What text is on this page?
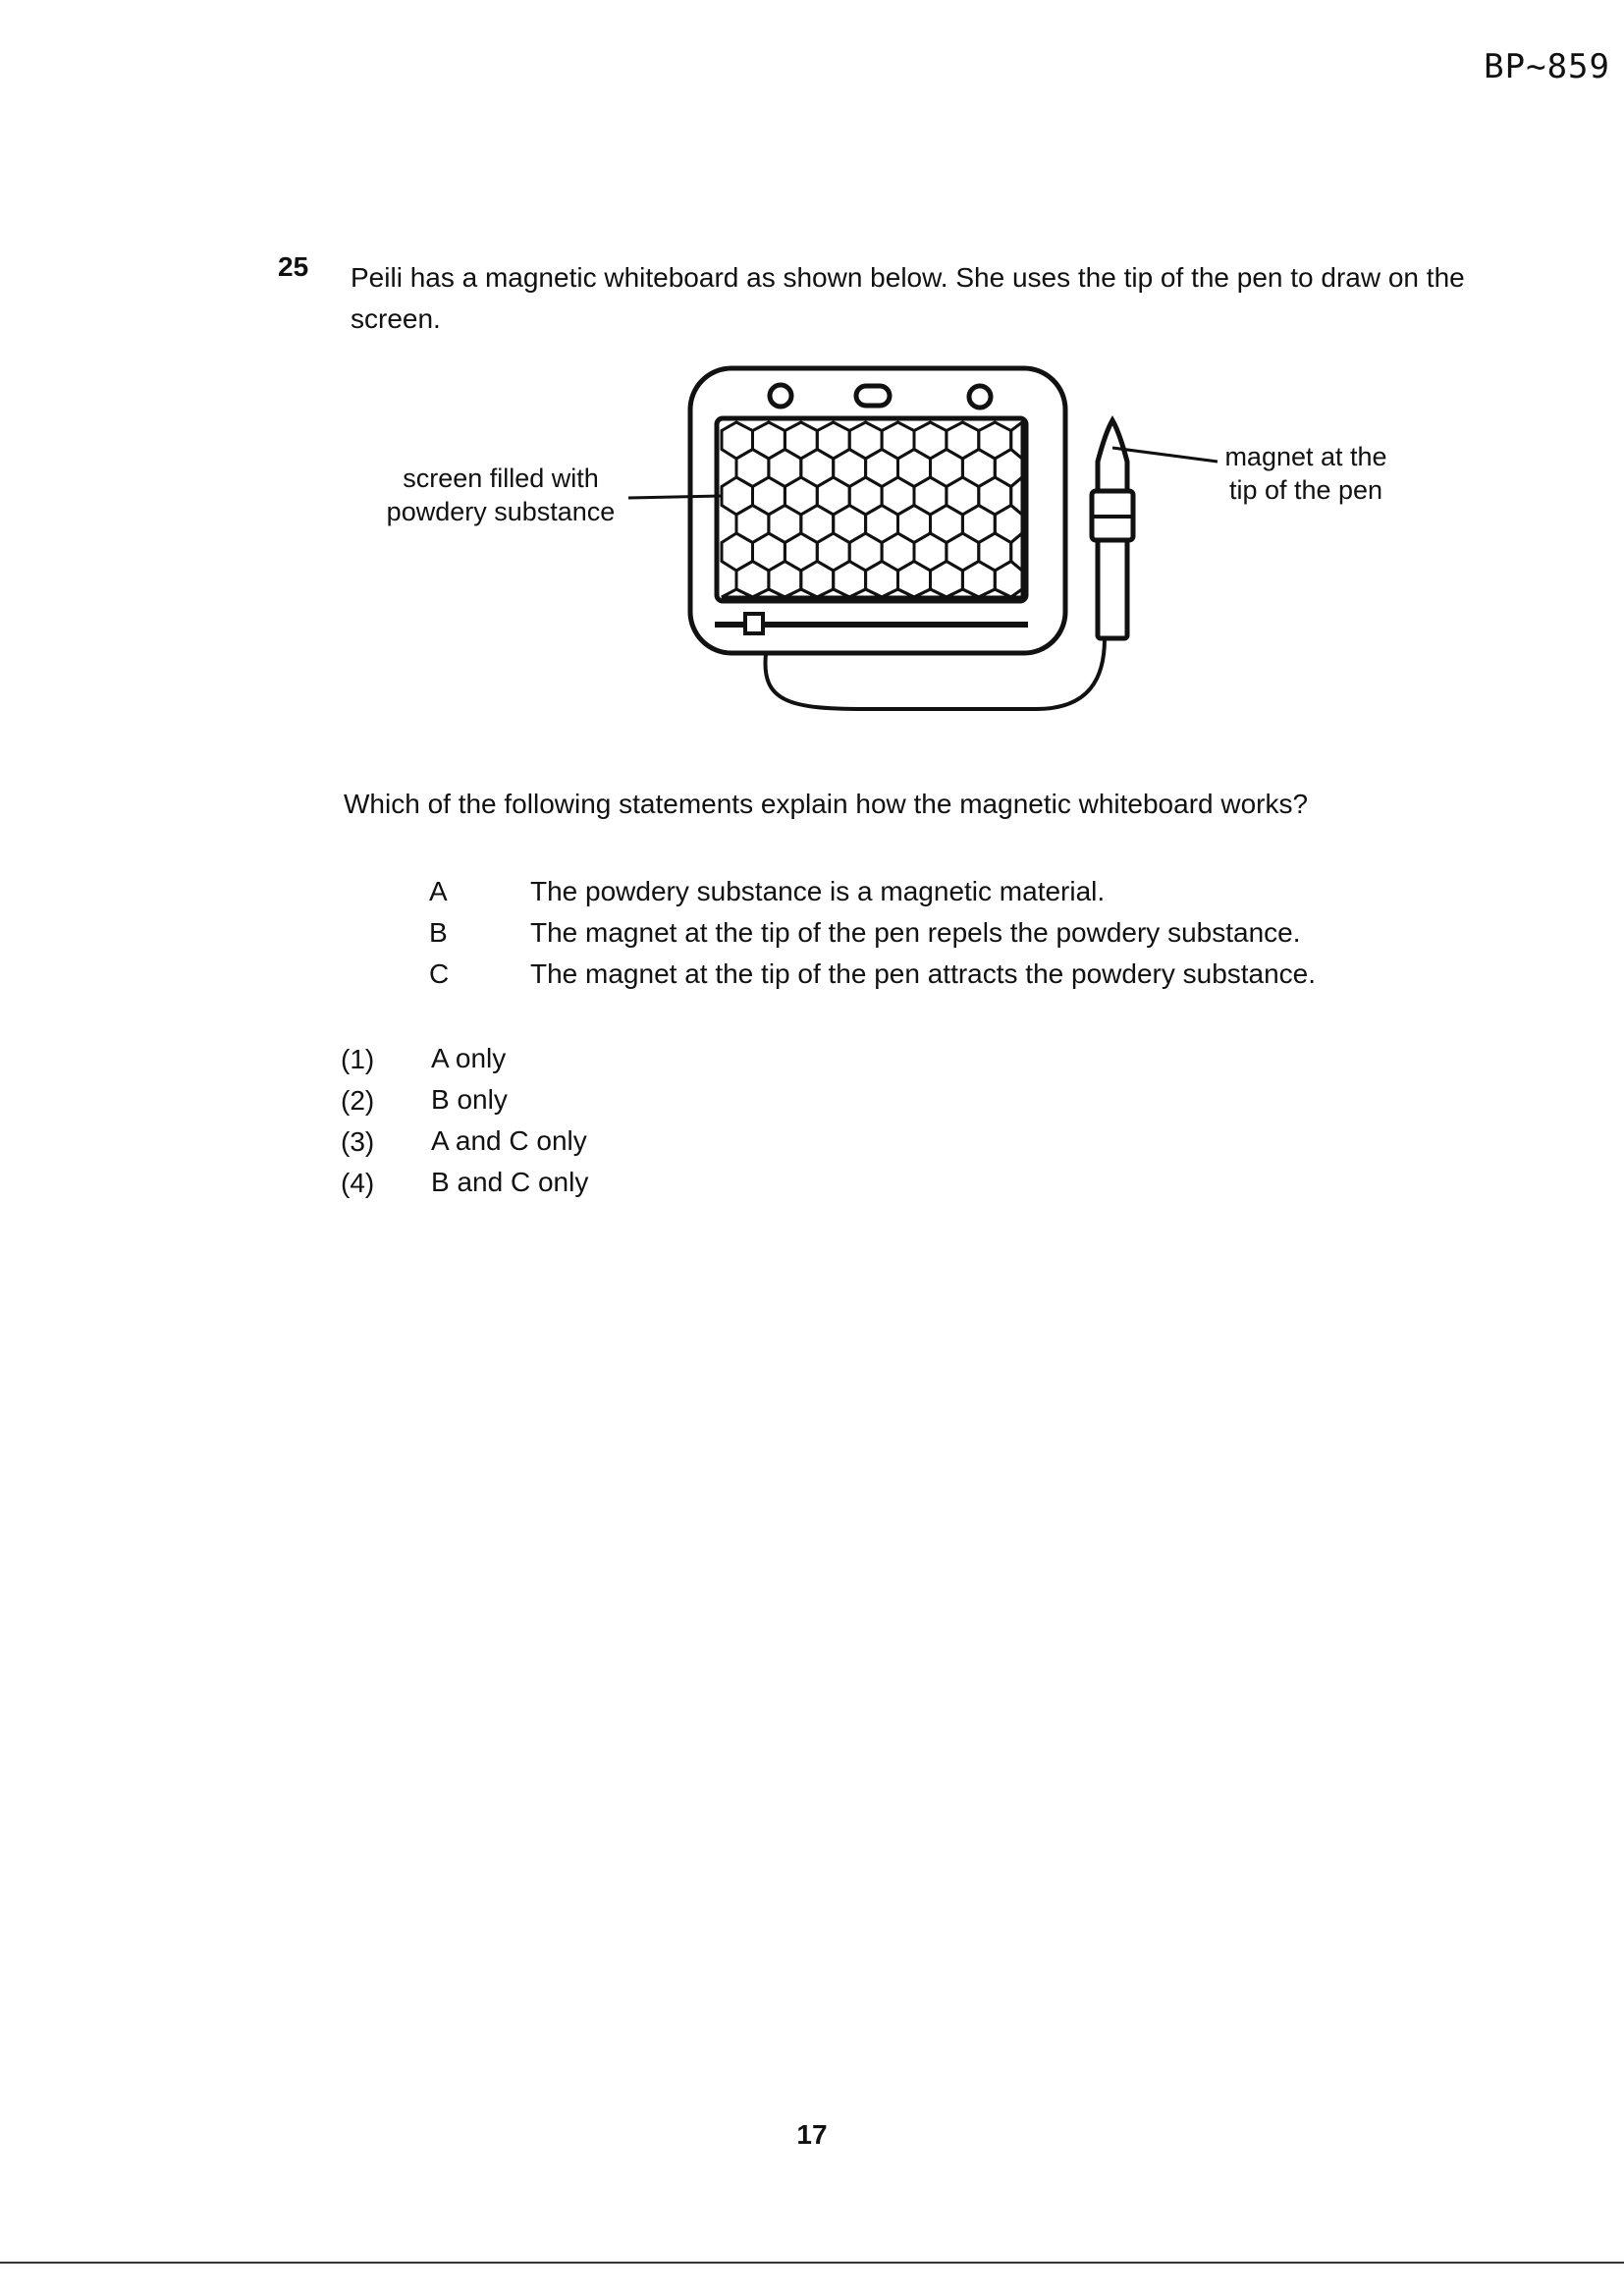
BP~859
25 Peili has a magnetic whiteboard as shown below. She uses the tip of the pen to draw on the screen.
screen filled with powdery substance
magnet at the tip of the pen
Which of the following statements explain how the magnetic whiteboard works?
A	The powdery substance is a magnetic material.
B	The magnet at the tip of the pen repels the powdery substance.
C	The magnet at the tip of the pen attracts the powdery substance.
(1) A only
(2) B only
(3) A and C only
(4) B and C only
17
